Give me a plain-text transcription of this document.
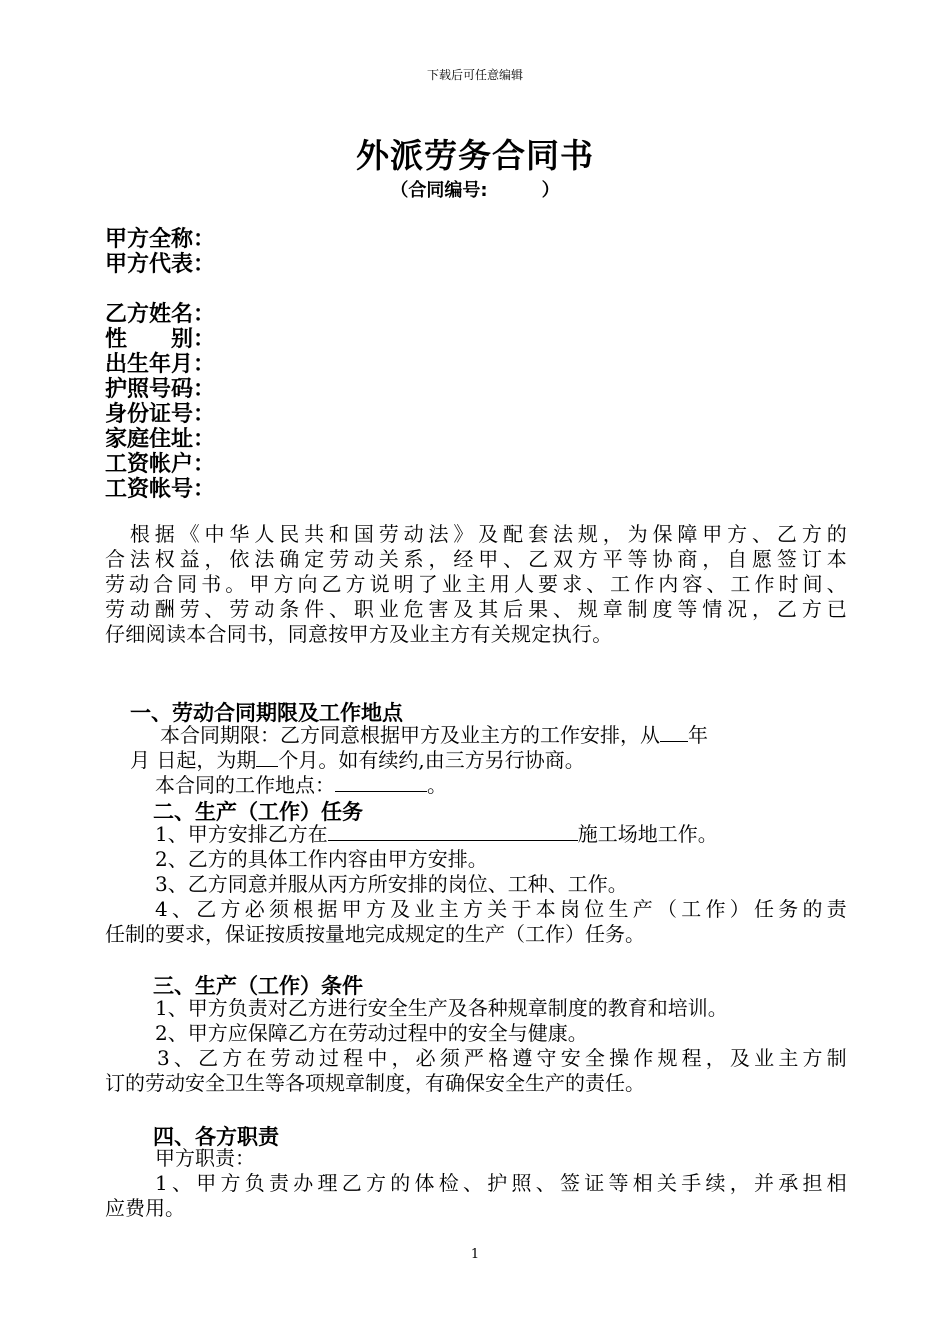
下载后可任意编辑
外派劳务合同书
（合同编号:　　　）
甲方全称：
甲方代表：
乙方姓名：
性　　别：
出生年月：
护照号码：
身份证号：
家庭住址：
工资帐户：
工资帐号：
　根据《中华人民共和国劳动法》及配套法规，为保障甲方、乙方的
合法权益，依法确定劳动关系，经甲、乙双方平等协商，自愿签订本
劳动合同书。甲方向乙方说明了业主用人要求、工作内容、工作时间、
劳动酬劳、劳动条件、职业危害及其后果、规章制度等情况，乙方已
仔细阅读本合同书，同意按甲方及业主方有关规定执行。
一、劳动合同期限及工作地点
本合同期限：乙方同意根据甲方及业主方的工作安排，从 年
月 日起，为期 个月。如有续约,由三方另行协商。
本合同的工作地点：	。
二、生产（工作）任务
1、甲方安排乙方在	施工场地工作。
2、乙方的具体工作内容由甲方安排。
3、乙方同意并服从丙方所安排的岗位、工种、工作。
4、乙方必须根据甲方及业主方关于本岗位生产（工作）任务的责
任制的要求，保证按质按量地完成规定的生产（工作）任务。
三、生产（工作）条件
1、甲方负责对乙方进行安全生产及各种规章制度的教育和培训。
2、甲方应保障乙方在劳动过程中的安全与健康。
3、乙方在劳动过程中，必须严格遵守安全操作规程，及业主方制
订的劳动安全卫生等各项规章制度，有确保安全生产的责任。
四、各方职责
甲方职责：
1、甲方负责办理乙方的体检、护照、签证等相关手续，并承担相
应费用。
1
